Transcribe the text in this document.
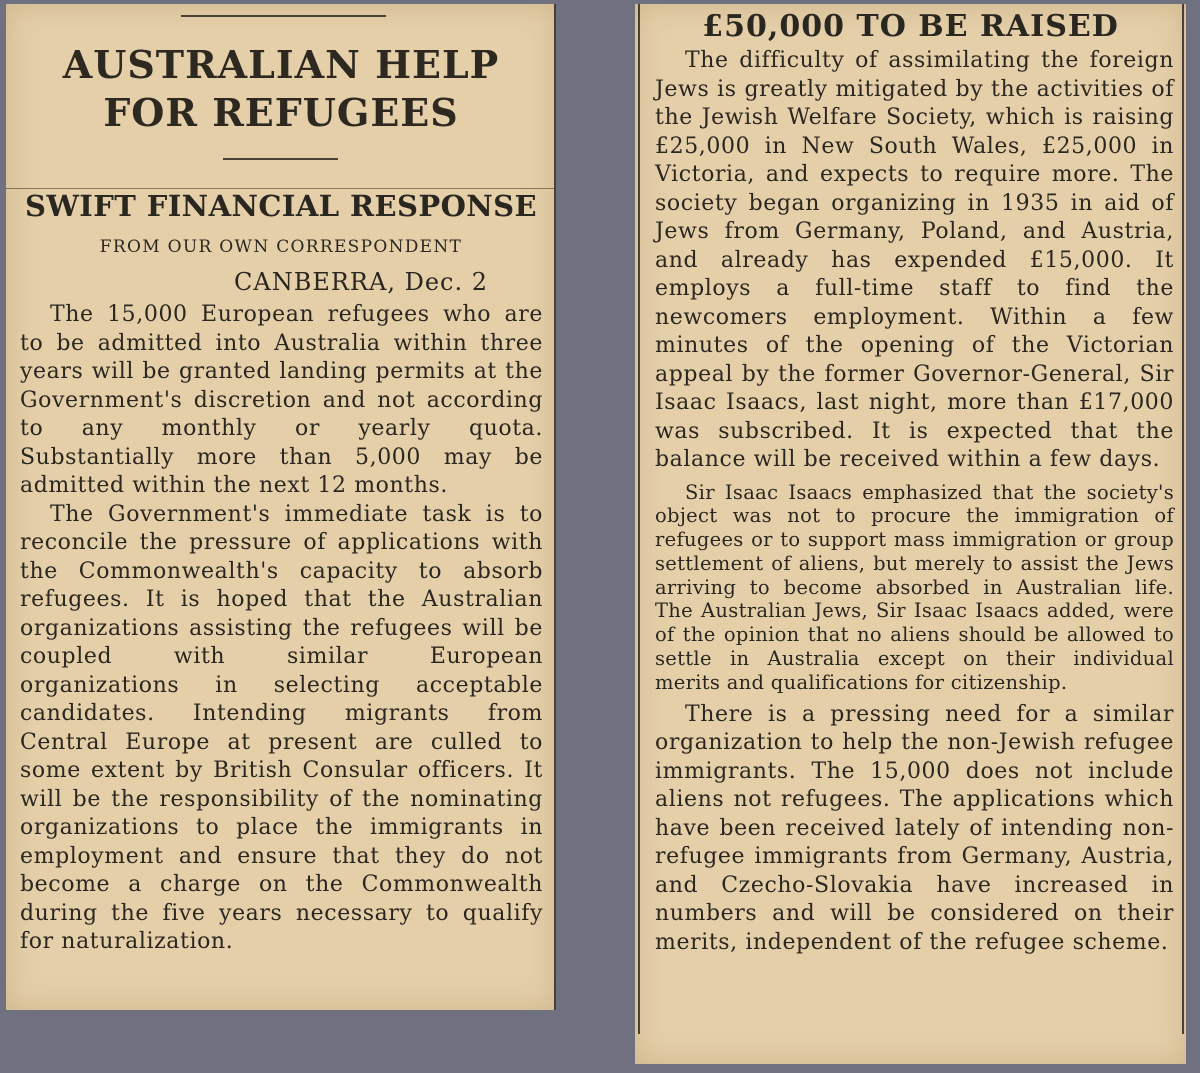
AUSTRALIAN HELP
FOR REFUGEES
SWIFT FINANCIAL RESPONSE
FROM OUR OWN CORRESPONDENT
CANBERRA, Dec. 2

The 15,000 European refugees who are to be admitted into Australia within three years will be granted landing permits at the Government's discretion and not according to any monthly or yearly quota. Substantially more than 5,000 may be admitted within the next 12 months.

The Government's immediate task is to reconcile the pressure of applications with the Commonwealth's capacity to absorb refugees. It is hoped that the Australian organizations assisting the refugees will be coupled with similar European organizations in selecting acceptable candidates. Intending migrants from Central Europe at present are culled to some extent by British Consular officers. It will be the responsibility of the nominating organizations to place the immigrants in employment and ensure that they do not become a charge on the Commonwealth during the five years necessary to qualify for naturalization.

£50,000 TO BE RAISED

The difficulty of assimilating the foreign Jews is greatly mitigated by the activities of the Jewish Welfare Society, which is raising £25,000 in New South Wales, £25,000 in Victoria, and expects to require more. The society began organizing in 1935 in aid of Jews from Germany, Poland, and Austria, and already has expended £15,000. It employs a full-time staff to find the newcomers employment. Within a few minutes of the opening of the Victorian appeal by the former Governor-General, Sir Isaac Isaacs, last night, more than £17,000 was subscribed. It is expected that the balance will be received within a few days.

Sir Isaac Isaacs emphasized that the society's object was not to procure the immigration of refugees or to support mass immigration or group settlement of aliens, but merely to assist the Jews arriving to become absorbed in Australian life. The Australian Jews, Sir Isaac Isaacs added, were of the opinion that no aliens should be allowed to settle in Australia except on their individual merits and qualifications for citizenship.

There is a pressing need for a similar organization to help the non-Jewish refugee immigrants. The 15,000 does not include aliens not refugees. The applications which have been received lately of intending non-refugee immigrants from Germany, Austria, and Czecho-Slovakia have increased in numbers and will be considered on their merits, independent of the refugee scheme.
